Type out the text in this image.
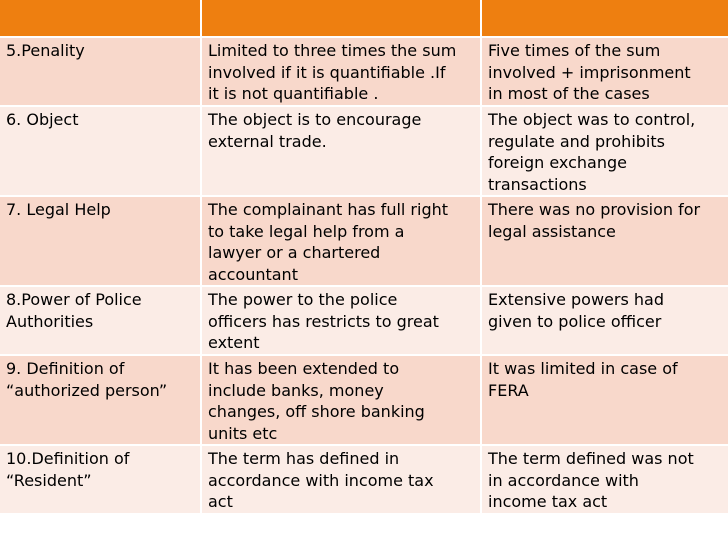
5.Penality	Limited to three times the sum
involved if it is quantifiable .If
it is not quantifiable .	Five times of the sum
involved + imprisonment
in most of the cases
6. Object	The object is to encourage
external trade.	The object was to control,
regulate and prohibits
foreign exchange
transactions
7. Legal Help	The complainant has full right
to take legal help from a
lawyer or a chartered
accountant	There was no provision for
legal assistance
8.Power of Police
Authorities	The power to the police
officers has restricts to great
extent	Extensive powers had
given to police officer
9. Definition of
“authorized person”	It has been extended to
include banks, money
changes, off shore banking
units etc	It was limited in case of
FERA
10.Definition of
“Resident”	The term has defined in
accordance with income tax
act	The term defined was not
in accordance with
income tax act
